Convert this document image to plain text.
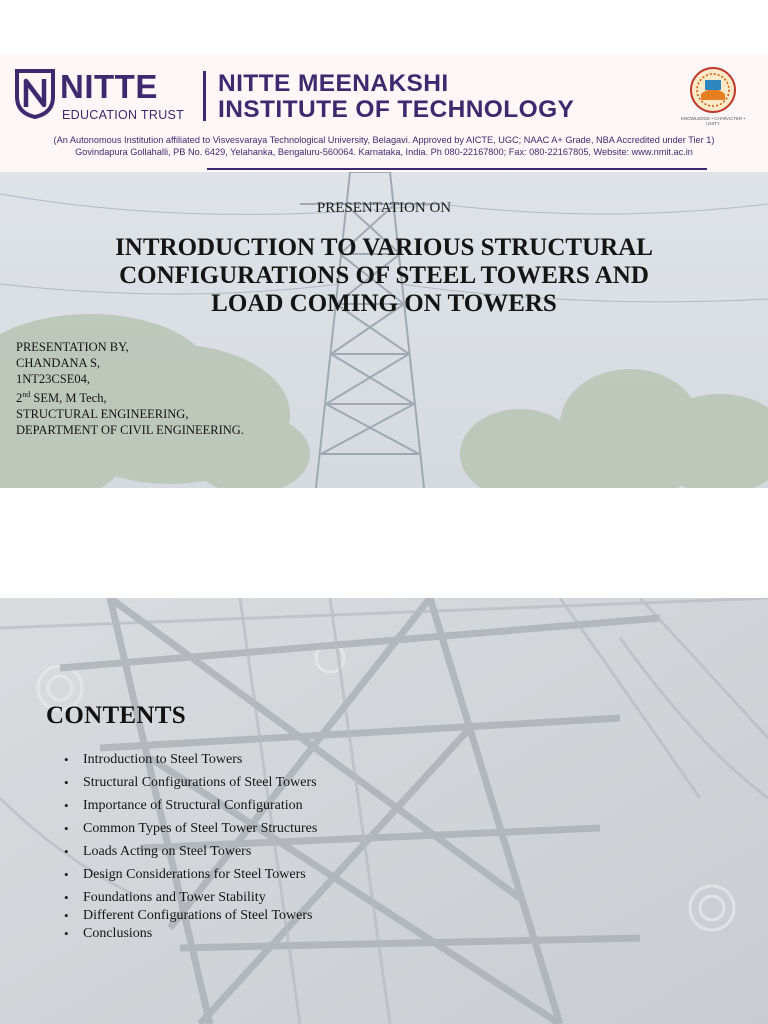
NITTE
EDUCATION TRUST
NITTE MEENAKSHI
INSTITUTE OF TECHNOLOGY	KNOWLEDGE • CHARACTER • UNITY
(An Autonomous Institution affiliated to Visvesvaraya Technological University, Belagavi. Approved by AICTE, UGC; NAAC A+ Grade, NBA Accredited under Tier 1)
Govindapura Gollahalli, PB No. 6429, Yelahanka, Bengaluru-560064. Karnataka, India. Ph 080-22167800; Fax: 080-22167805, Website: www.nmit.ac.in
PRESENTATION ON
INTRODUCTION TO VARIOUS STRUCTURAL
CONFIGURATIONS OF STEEL TOWERS AND
LOAD COMING ON TOWERS
PRESENTATION BY,
CHANDANA S,
1NT23CSE04,
2nd SEM, M Tech,
STRUCTURAL ENGINEERING,
DEPARTMENT OF CIVIL ENGINEERING.
CONTENTS
• Introduction to Steel Towers
• Structural Configurations of Steel Towers
• Importance of Structural Configuration
• Common Types of Steel Tower Structures
• Loads Acting on Steel Towers
• Design Considerations for Steel Towers
• Foundations and Tower Stability
• Different Configurations of Steel Towers
• Conclusions
